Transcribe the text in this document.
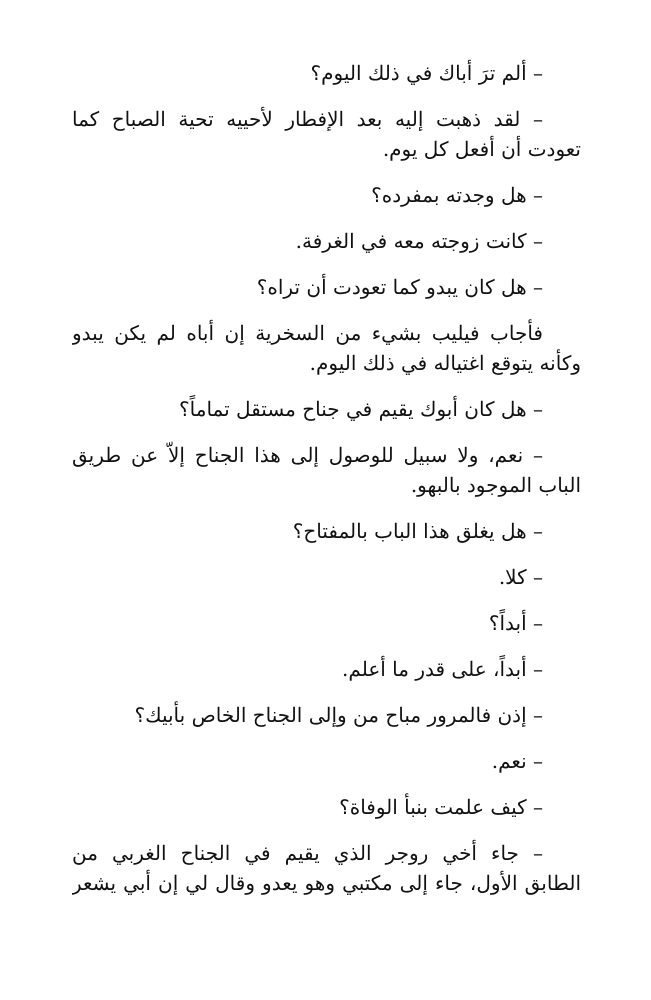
– ألم ترَ أباك في ذلك اليوم؟
– لقد ذهبت إليه بعد الإفطار لأحييه تحية الصباح كما
تعودت أن أفعل كل يوم.
– هل وجدته بمفرده؟
– كانت زوجته معه في الغرفة.
– هل كان يبدو كما تعودت أن تراه؟
فأجاب فيليب بشيء من السخرية إن أباه لم يكن يبدو
وكأنه يتوقع اغتياله في ذلك اليوم.
– هل كان أبوك يقيم في جناح مستقل تماماً؟
– نعم، ولا سبيل للوصول إلى هذا الجناح إلاّ عن طريق
الباب الموجود بالبهو.
– هل يغلق هذا الباب بالمفتاح؟
– كلا.
– أبداً؟
– أبداً، على قدر ما أعلم.
– إذن فالمرور مباح من وإلى الجناح الخاص بأبيك؟
– نعم.
– كيف علمت بنبأ الوفاة؟
– جاء أخي روجر الذي يقيم في الجناح الغربي من
الطابق الأول، جاء إلى مكتبي وهو يعدو وقال لي إن أبي يشعر
